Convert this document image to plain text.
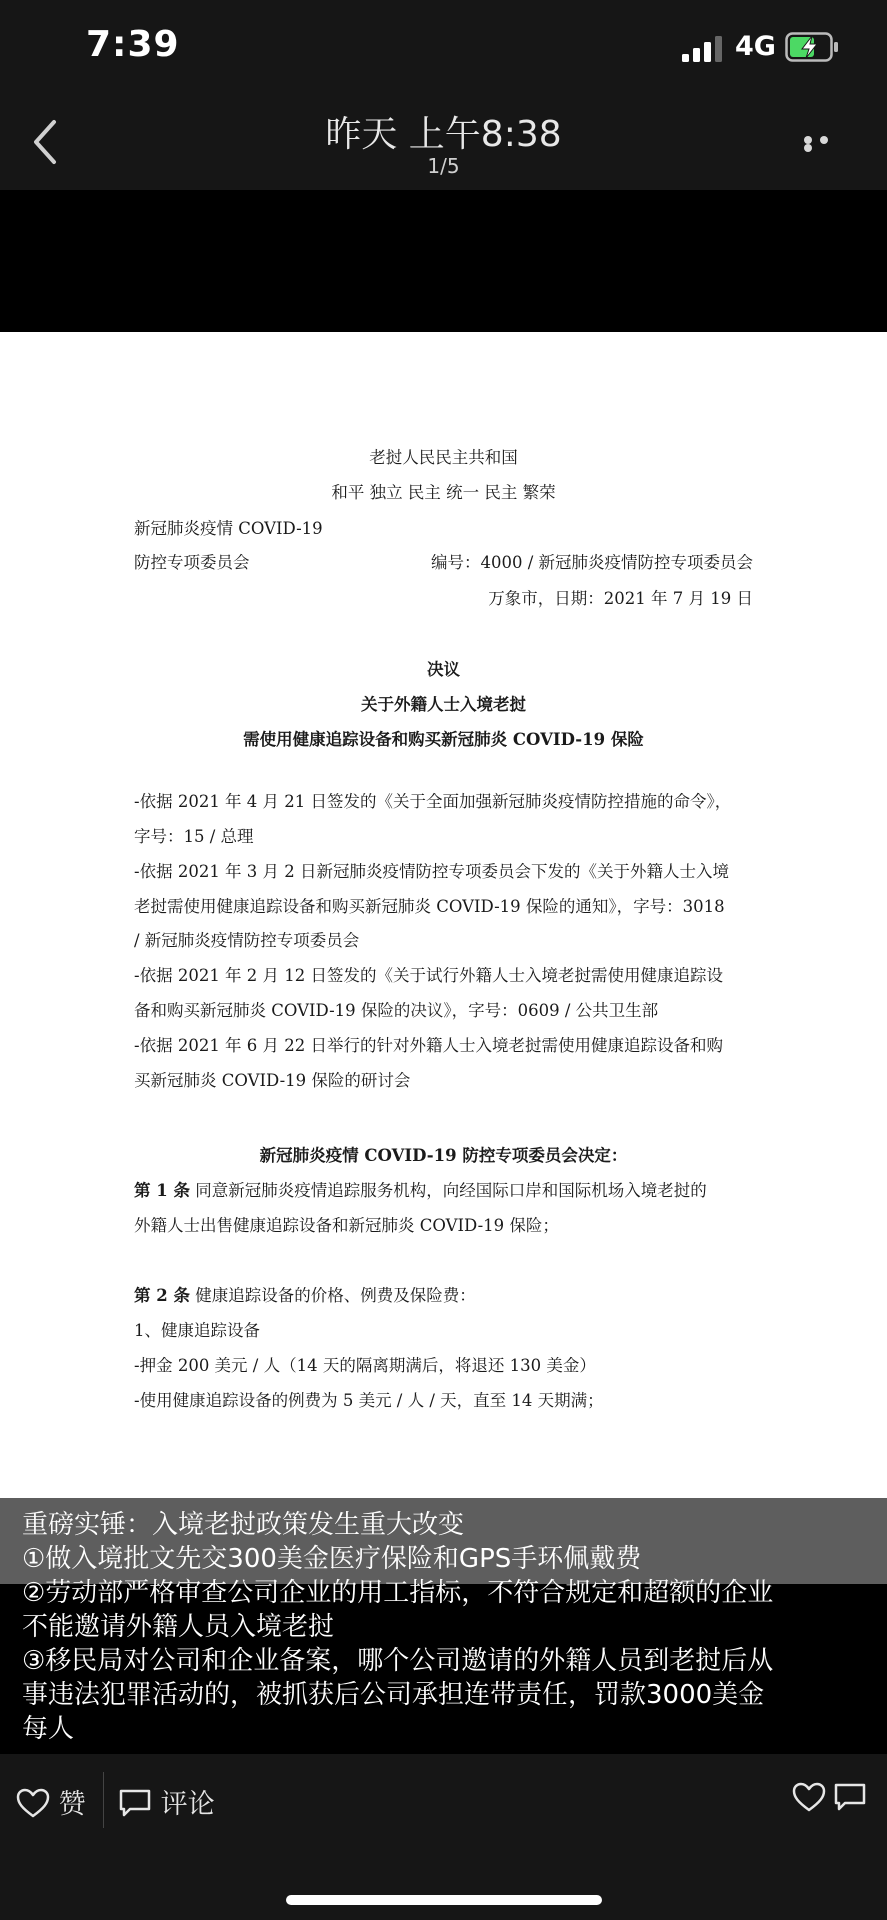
7:39	4G
昨天 上午8:38
1/5
老挝人民民主共和国
和平 独立 民主 统一 民主 繁荣
新冠肺炎疫情 COVID-19
防控专项委员会	编号：4000 / 新冠肺炎疫情防控专项委员会
万象市，日期：2021 年 7 月 19 日
决议
关于外籍人士入境老挝
需使用健康追踪设备和购买新冠肺炎 COVID-19 保险
-依据 2021 年 4 月 21 日签发的《关于全面加强新冠肺炎疫情防控措施的命令》，
字号：15 / 总理
-依据 2021 年 3 月 2 日新冠肺炎疫情防控专项委员会下发的《关于外籍人士入境
老挝需使用健康追踪设备和购买新冠肺炎 COVID-19 保险的通知》，字号：3018
/ 新冠肺炎疫情防控专项委员会
-依据 2021 年 2 月 12 日签发的《关于试行外籍人士入境老挝需使用健康追踪设
备和购买新冠肺炎 COVID-19 保险的决议》，字号：0609 / 公共卫生部
-依据 2021 年 6 月 22 日举行的针对外籍人士入境老挝需使用健康追踪设备和购
买新冠肺炎 COVID-19 保险的研讨会
新冠肺炎疫情 COVID-19 防控专项委员会决定：
第 1 条 同意新冠肺炎疫情追踪服务机构，向经国际口岸和国际机场入境老挝的
外籍人士出售健康追踪设备和新冠肺炎 COVID-19 保险；
第 2 条 健康追踪设备的价格、例费及保险费：
1、健康追踪设备
-押金 200 美元 / 人（14 天的隔离期满后，将退还 130 美金）
-使用健康追踪设备的例费为 5 美元 / 人 / 天，直至 14 天期满；
重磅实锤：入境老挝政策发生重大改变
①做入境批文先交300美金医疗保险和GPS手环佩戴费
②劳动部严格审查公司企业的用工指标，不符合规定和超额的企业
不能邀请外籍人员入境老挝
③移民局对公司和企业备案，哪个公司邀请的外籍人员到老挝后从
事违法犯罪活动的，被抓获后公司承担连带责任，罚款3000美金
每人
赞	评论
